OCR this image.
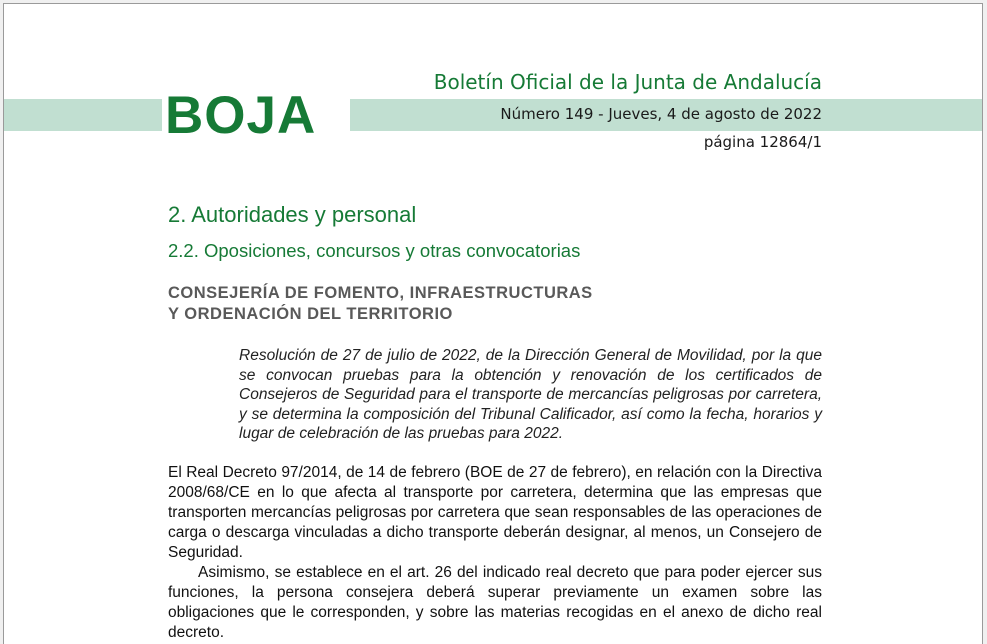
BOJA
Boletín Oficial de la Junta de Andalucía
Número 149 - Jueves, 4 de agosto de 2022
página 12864/1
2. Autoridades y personal
2.2. Oposiciones, concursos y otras convocatorias
CONSEJERÍA DE FOMENTO, INFRAESTRUCTURAS
Y ORDENACIÓN DEL TERRITORIO
Resolución de 27 de julio de 2022, de la Dirección General de Movilidad, por la que se convocan pruebas para la obtención y renovación de los certificados de Consejeros de Seguridad para el transporte de mercancías peligrosas por carretera, y se determina la composición del Tribunal Calificador, así como la fecha, horarios y lugar de celebración de las pruebas para 2022.

El Real Decreto 97/2014, de 14 de febrero (BOE de 27 de febrero), en relación con la Directiva 2008/68/CE en lo que afecta al transporte por carretera, determina que las empresas que transporten mercancías peligrosas por carretera que sean responsables de las operaciones de carga o descarga vinculadas a dicho transporte deberán designar, al menos, un Consejero de Seguridad.

Asimismo, se establece en el art. 26 del indicado real decreto que para poder ejercer sus funciones, la persona consejera deberá superar previamente un examen sobre las obligaciones que le corresponden, y sobre las materias recogidas en el anexo de dicho real decreto.
